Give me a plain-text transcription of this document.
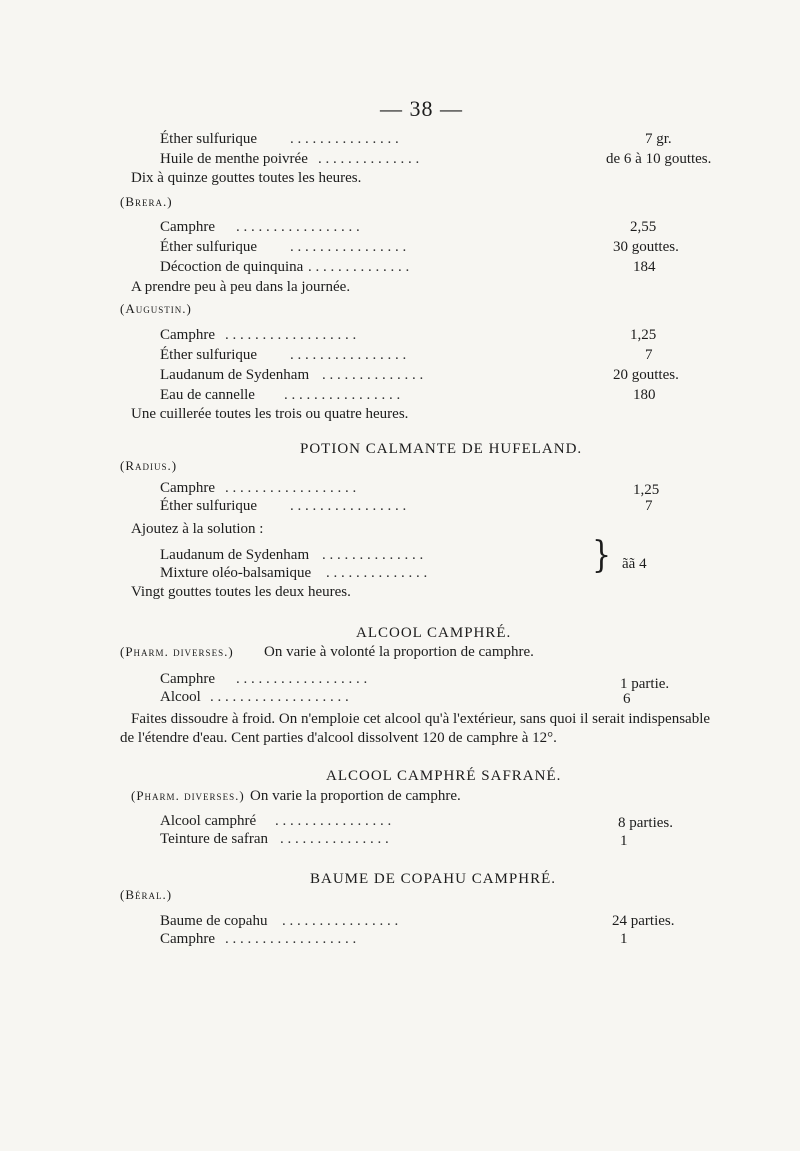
— 38 —
Éther sulfurique . . . . . . . . . . . . . . .	7 gr.
Huile de menthe poivrée . . . . . . . . . . . . . .	de 6 à 10 gouttes.
Dix à quinze gouttes toutes les heures.
(Brera.)
Camphre . . . . . . . . . . . . . . . . .	2,55
Éther sulfurique . . . . . . . . . . . . . . . .	30 gouttes.
Décoction de quinquina . . . . . . . . . . . . . .	184
A prendre peu à peu dans la journée.
(Augustin.)
Camphre . . . . . . . . . . . . . . . . . .	1,25
Éther sulfurique . . . . . . . . . . . . . . . .	7
Laudanum de Sydenham . . . . . . . . . . . . . .	20 gouttes.
Eau de cannelle . . . . . . . . . . . . . . . .	180
Une cuillerée toutes les trois ou quatre heures.
POTION CALMANTE DE HUFELAND.
(Radius.)
Camphre . . . . . . . . . . . . . . . . . .	1,25
Éther sulfurique . . . . . . . . . . . . . . . .	7
Ajoutez à la solution :
Laudanum de Sydenham . . . . . . . . . . . . . .
Mixture oléo-balsamique . . . . . . . . . . . . . .	} ãã 4
Vingt gouttes toutes les deux heures.
ALCOOL CAMPHRÉ.
(Pharm. diverses.) On varie à volonté la proportion de camphre.
Camphre . . . . . . . . . . . . . . . . . .	1 partie.
Alcool . . . . . . . . . . . . . . . . . . .	6
Faites dissoudre à froid. On n'emploie cet alcool qu'à l'extérieur, sans quoi il serait indispensable
de l'étendre d'eau. Cent parties d'alcool dissolvent 120 de camphre à 12°.
ALCOOL CAMPHRÉ SAFRANÉ.
(Pharm. diverses.) On varie la proportion de camphre.
Alcool camphré . . . . . . . . . . . . . . . .	8 parties.
Teinture de safran . . . . . . . . . . . . . . .	1
BAUME DE COPAHU CAMPHRÉ.
(Béral.)
Baume de copahu . . . . . . . . . . . . . . . .	24 parties.
Camphre . . . . . . . . . . . . . . . . . .	1
